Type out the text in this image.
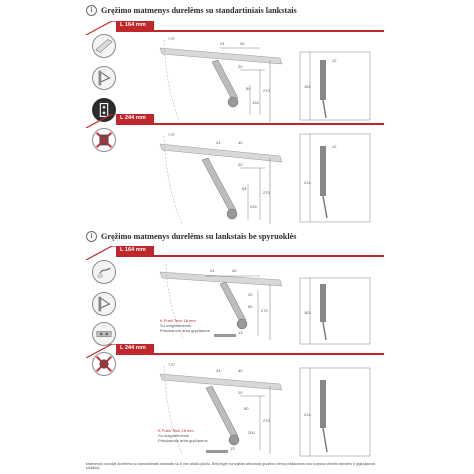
i	Gręžimo matmenys durelėms su standartiniais lankstais
L 164 mm
7,5°
24	40
270
20
50
134
163
12
L 244 mm
7,5°
24	40
270
20
64
234
12
214
i	Gręžimo matmenys durelėms su lankstais be spyruoklės
L 164 mm
24	40
270
20
50
13
K Push Tech 18 mm
Su magnetinėmis
Prisukamos arba gręžiamos
163
L 244 mm
7,5°
24	40
270
20
50
200
13
K Push Tech 18 mm
Su magnetinėmis
Prisukamos arba gręžiamos
214
Matmenys nurodyti durelėms su standartiniais lankstais su 6 mm atokiu pločiu. Breižinyje nurodytais atstumais gręžimo vietos pritaikomos nuo korpuso vidinės sienelės ir lygiuojamos plokščių.
